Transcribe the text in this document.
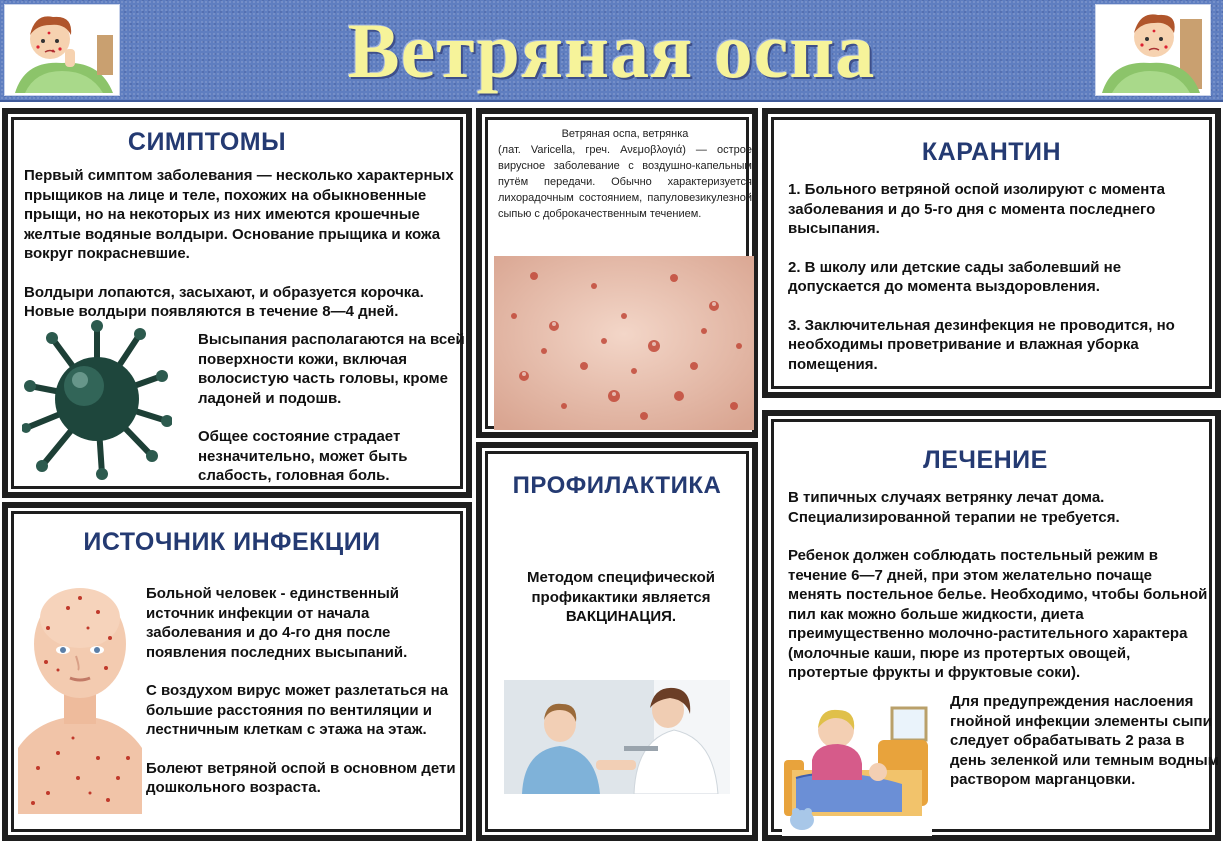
Ветряная оспа
СИМПТОМЫ

Первый симптом заболевания — несколько характерных прыщиков на лице и теле, похожих на обыкновенные прыщи, но на некоторых из них имеются крошечные желтые водяные волдыри. Основание прыщика и кожа вокруг покрасневшие.

Волдыри лопаются, засыхают, и образуется корочка. Новые волдыри появляются в течение 8—4 дней.

Высыпания располагаются на всей поверхности кожи, включая волосистую часть головы, кроме ладоней и подошв.

Общее состояние страдает незначительно, может быть слабость, головная боль.

Ветряная оспа, ветрянка
(лат. Varicella, греч. Ανεμοβλογιά) — острое вирусное заболевание с воздушно-капельным путём передачи. Обычно характеризуется лихорадочным состоянием, папуловезикулезной сыпью с доброкачественным течением.
КАРАНТИН

1. Больного ветряной оспой изолируют с момента заболевания и до 5-го дня с момента последнего высыпания.

2. В школу или детские сады заболевший не допускается до момента выздоровления.

3. Заключительная дезинфекция не проводится, но необходимы проветривание и влажная уборка помещения.

ИСТОЧНИК ИНФЕКЦИИ

Больной человек - единственный источник инфекции от начала заболевания и до 4-го дня после появления последних высыпаний.

С воздухом вирус может разлетаться на большие расстояния по вентиляции и лестничным клеткам с этажа на этаж.

Болеют ветряной оспой в основном дети дошкольного возраста.

ПРОФИЛАКТИКА
Методом специфической профикактики является ВАКЦИНАЦИЯ.
ЛЕЧЕНИЕ

В типичных случаях ветрянку лечат дома. Специализированной терапии не требуется.

Ребенок должен соблюдать постельный режим в течение 6—7 дней, при этом желательно почаще менять постельное белье. Необходимо, чтобы больной пил как можно больше жидкости, диета преимущественно молочно-растительного характера (молочные каши, пюре из протертых овощей, протертые фрукты и фруктовые соки).

Для предупреждения наслоения гнойной инфекции элементы сыпи следует обрабатывать 2 раза в день зеленкой или темным водным раствором марганцовки.
